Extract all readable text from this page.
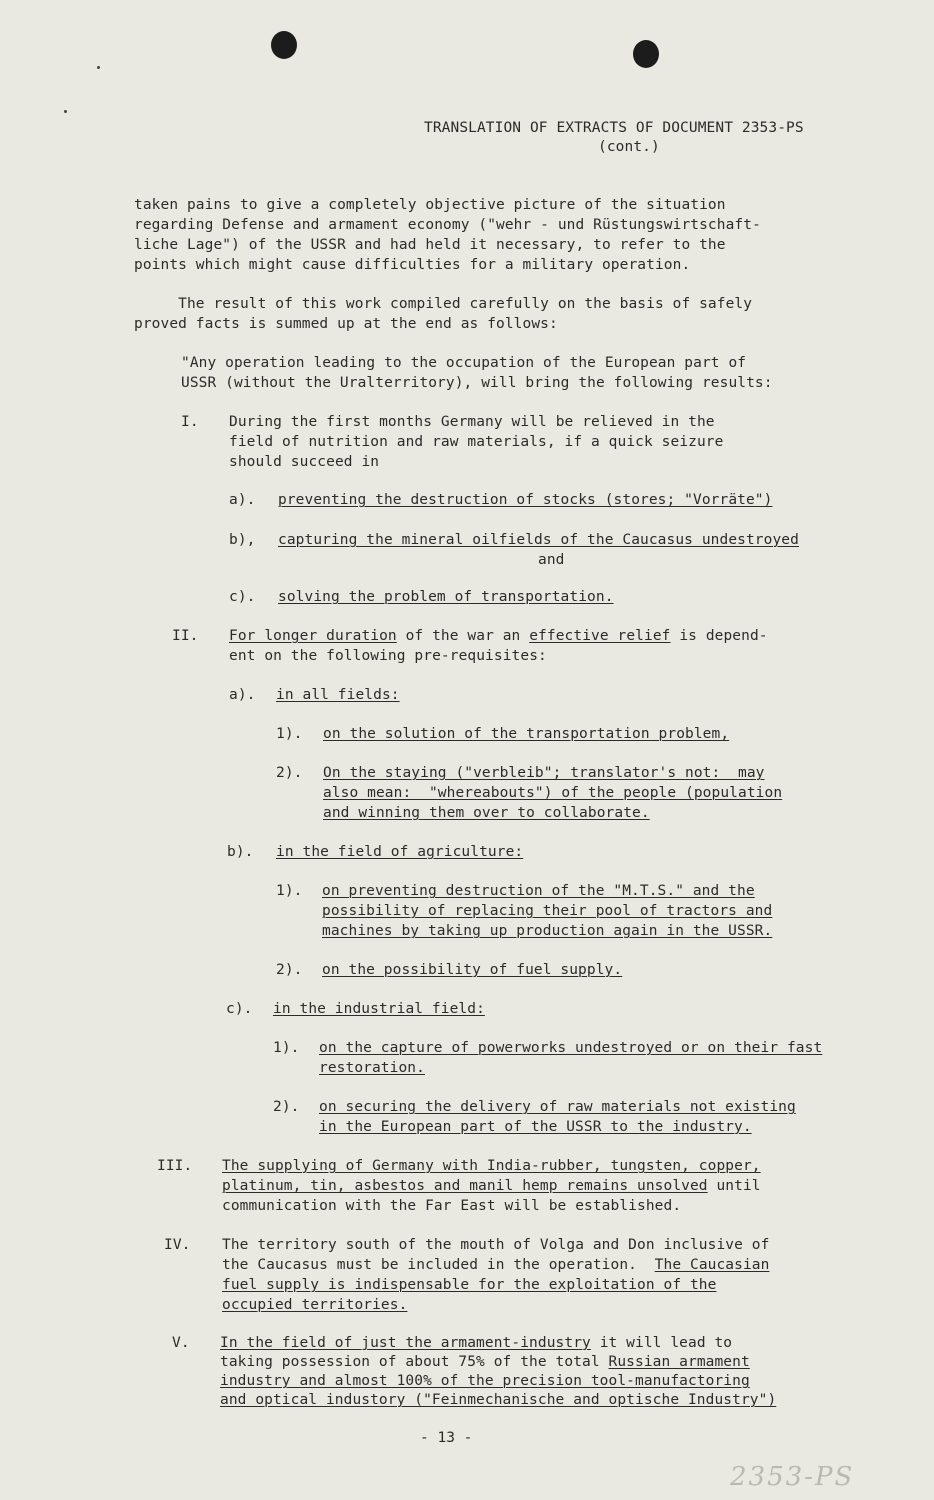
TRANSLATION OF EXTRACTS OF DOCUMENT 2353-PS
(cont.)
taken pains to give a completely objective picture of the situation
regarding Defense and armament economy ("wehr - und Rüstungswirtschaft-
liche Lage") of the USSR and had held it necessary, to refer to the
points which might cause difficulties for a military operation.
The result of this work compiled carefully on the basis of safely
proved facts is summed up at the end as follows:
"Any operation leading to the occupation of the European part of
USSR (without the Uralterritory), will bring the following results:
I. During the first months Germany will be relieved in the
field of nutrition and raw materials, if a quick seizure
should succeed in
a). preventing the destruction of stocks (stores; "Vorräte")
b), capturing the mineral oilfields of the Caucasus undestroyed
and
c). solving the problem of transportation.
II. For longer duration of the war an effective relief is depend-
ent on the following pre-requisites:
a). in all fields:
1). on the solution of the transportation problem,
2). On the staying ("verbleib"; translator's not:  may
also mean:  "whereabouts") of the people (population
and winning them over to collaborate.
b). in the field of agriculture:
1). on preventing destruction of the "M.T.S." and the
possibility of replacing their pool of tractors and
machines by taking up production again in the USSR.
2). on the possibility of fuel supply.
c). in the industrial field:
1). on the capture of powerworks undestroyed or on their fast
restoration.
2). on securing the delivery of raw materials not existing
in the European part of the USSR to the industry.
III. The supplying of Germany with India-rubber, tungsten, copper,
platinum, tin, asbestos and manil hemp remains unsolved until
communication with the Far East will be established.
IV. The territory south of the mouth of Volga and Don inclusive of
the Caucasus must be included in the operation.  The Caucasian
fuel supply is indispensable for the exploitation of the
occupied territories.
V. In the field of just the armament-industry it will lead to
taking possession of about 75% of the total Russian armament
industry and almost 100% of the precision tool-manufactoring
and optical industory ("Feinmechanische and optische Industry")
- 13 -
2353-PS
